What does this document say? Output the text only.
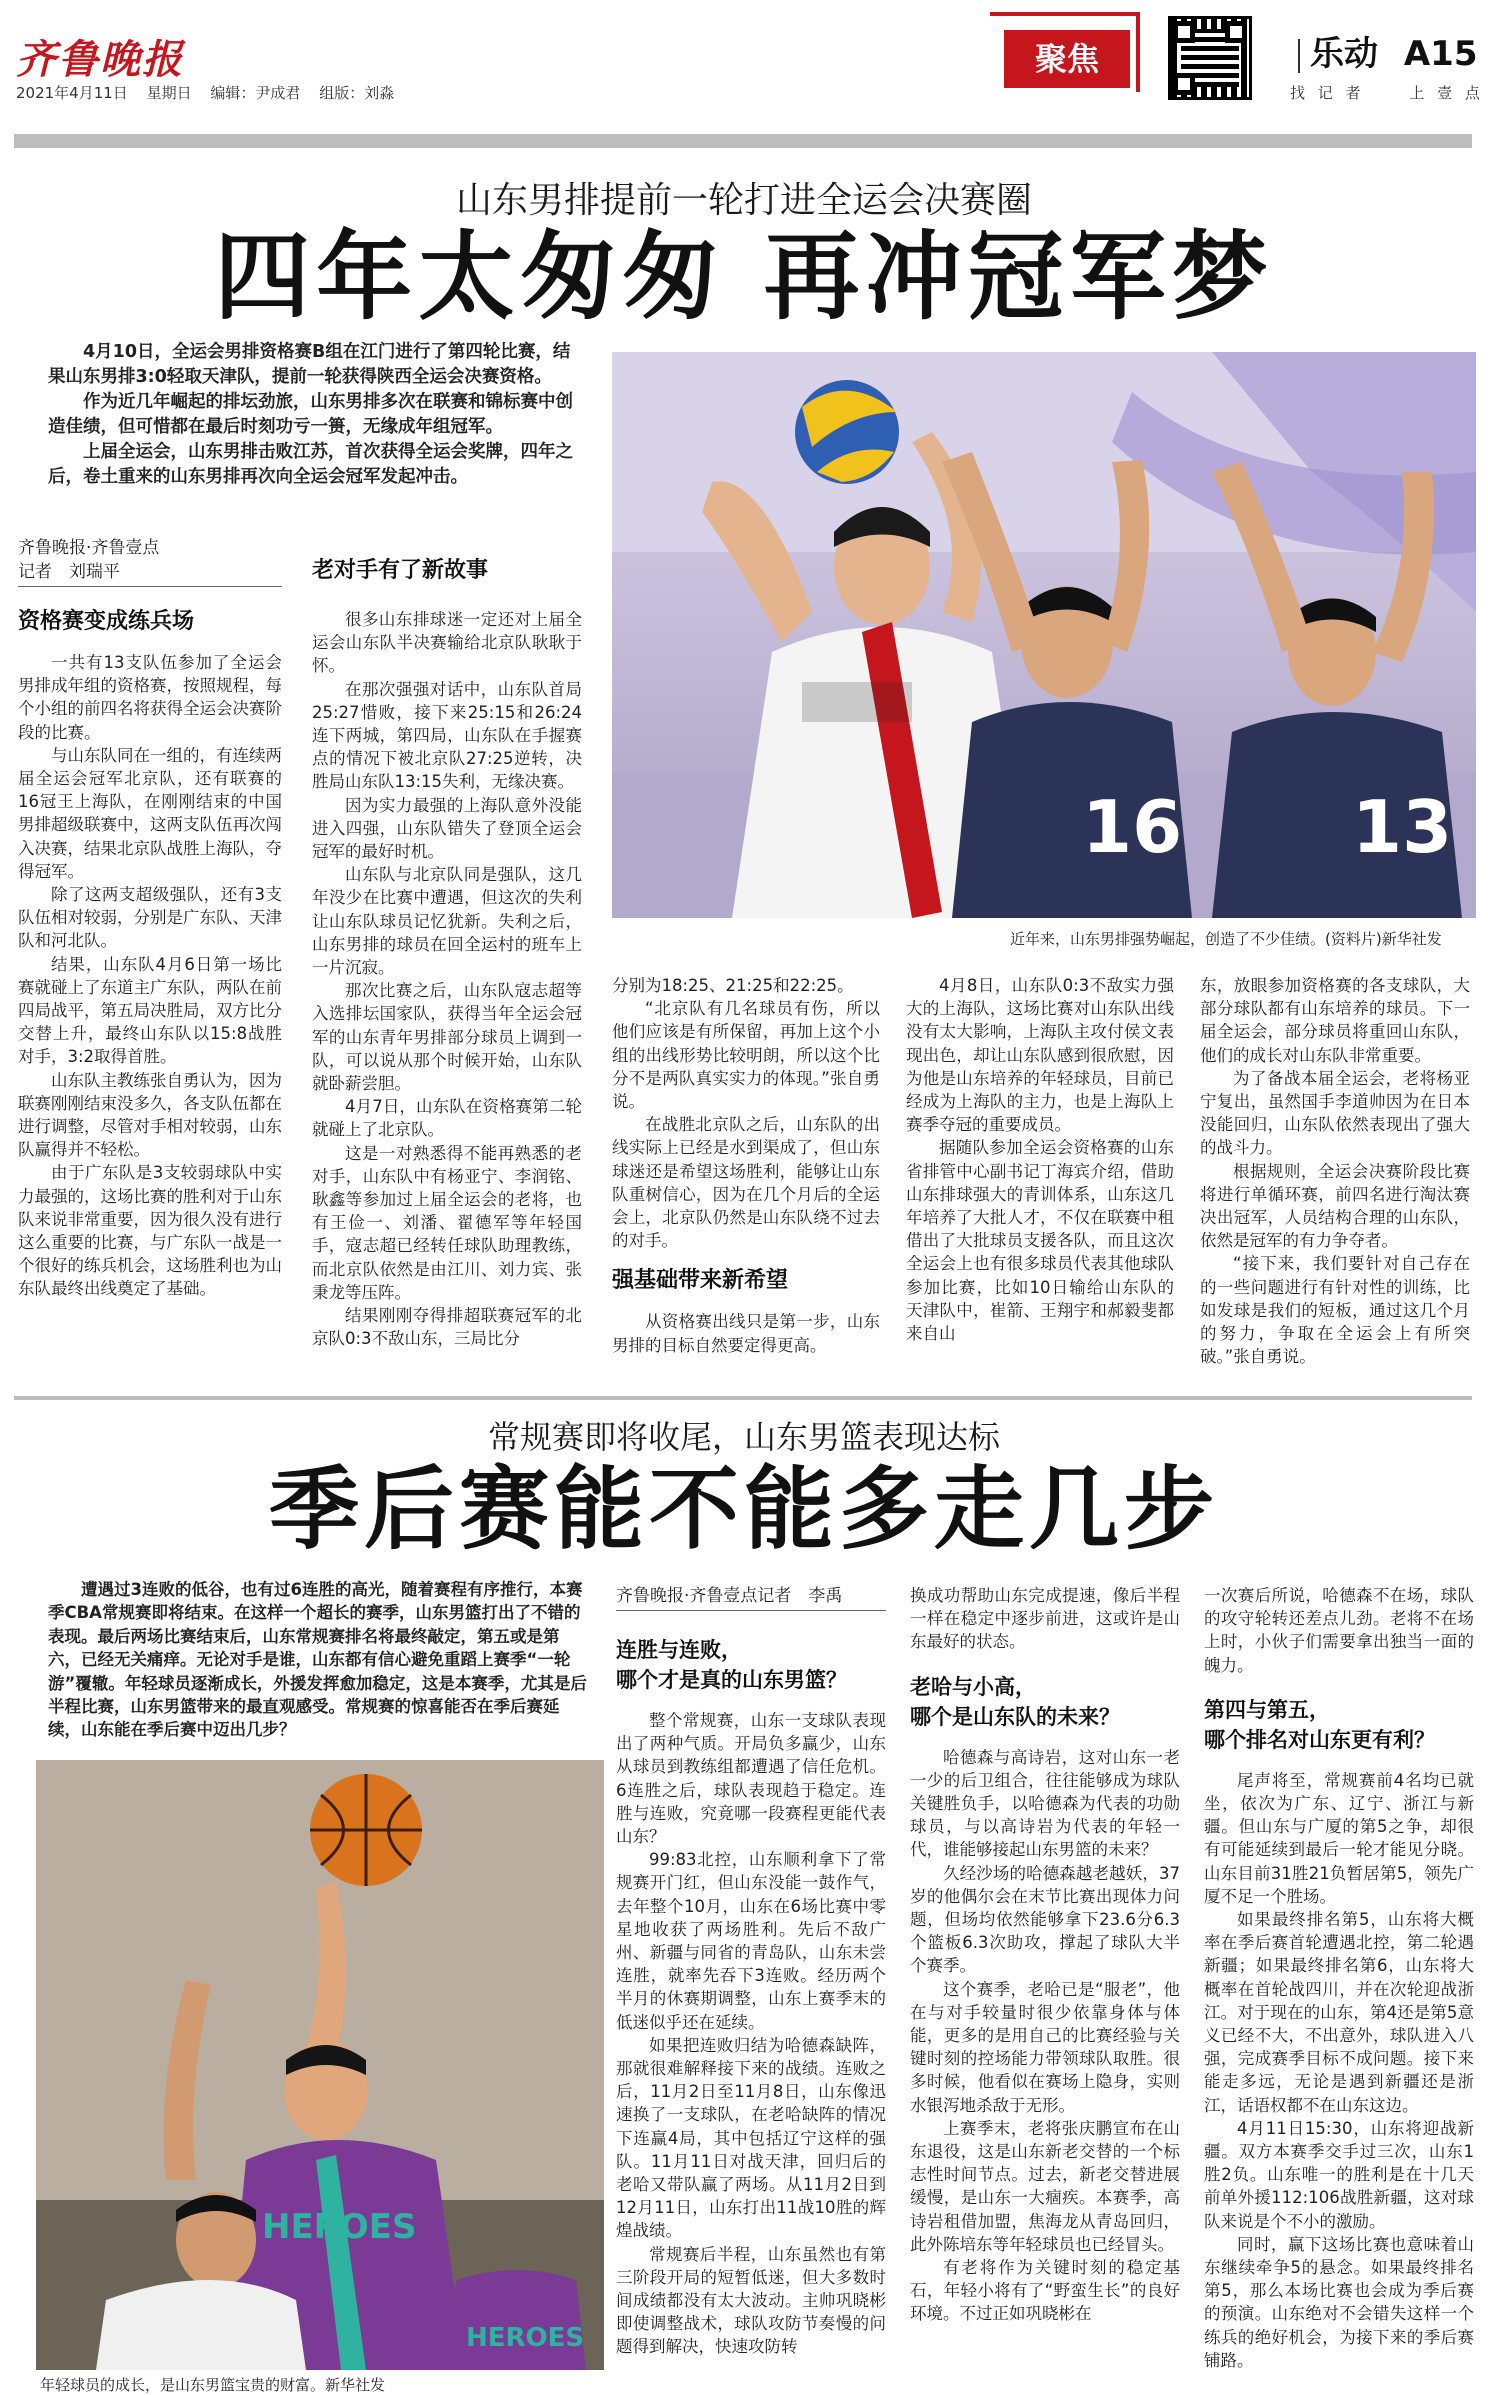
齐鲁晚报
2021年4月11日 星期日 编辑：尹成君 组版：刘淼
聚焦	乐动 A15
找 记 者	上 壹 点
山东男排提前一轮打进全运会决赛圈
四年太匆匆 再冲冠军梦

4月10日，全运会男排资格赛B组在江门进行了第四轮比赛，结果山东男排3:0轻取天津队，提前一轮获得陕西全运会决赛资格。

作为近几年崛起的排坛劲旅，山东男排多次在联赛和锦标赛中创造佳绩，但可惜都在最后时刻功亏一篑，无缘成年组冠军。

上届全运会，山东男排击败江苏，首次获得全运会奖牌，四年之后，卷土重来的山东男排再次向全运会冠军发起冲击。

16 13
近年来，山东男排强势崛起，创造了不少佳绩。(资料片)新华社发
齐鲁晚报·齐鲁壹点
记者　刘瑞平
资格赛变成练兵场

一共有13支队伍参加了全运会男排成年组的资格赛，按照规程，每个小组的前四名将获得全运会决赛阶段的比赛。

与山东队同在一组的，有连续两届全运会冠军北京队，还有联赛的16冠王上海队，在刚刚结束的中国男排超级联赛中，这两支队伍再次闯入决赛，结果北京队战胜上海队，夺得冠军。

除了这两支超级强队，还有3支队伍相对较弱，分别是广东队、天津队和河北队。

结果，山东队4月6日第一场比赛就碰上了东道主广东队，两队在前四局战平，第五局决胜局，双方比分交替上升，最终山东队以15:8战胜对手，3:2取得首胜。

山东队主教练张自勇认为，因为联赛刚刚结束没多久，各支队伍都在进行调整，尽管对手相对较弱，山东队赢得并不轻松。

由于广东队是3支较弱球队中实力最强的，这场比赛的胜利对于山东队来说非常重要，因为很久没有进行这么重要的比赛，与广东队一战是一个很好的练兵机会，这场胜利也为山东队最终出线奠定了基础。

老对手有了新故事

很多山东排球迷一定还对上届全运会山东队半决赛输给北京队耿耿于怀。

在那次强强对话中，山东队首局25:27惜败，接下来25:15和26:24连下两城，第四局，山东队在手握赛点的情况下被北京队27:25逆转，决胜局山东队13:15失利，无缘决赛。

因为实力最强的上海队意外没能进入四强，山东队错失了登顶全运会冠军的最好时机。

山东队与北京队同是强队，这几年没少在比赛中遭遇，但这次的失利让山东队球员记忆犹新。失利之后，山东男排的球员在回全运村的班车上一片沉寂。

那次比赛之后，山东队寇志超等入选排坛国家队，获得当年全运会冠军的山东青年男排部分球员上调到一队，可以说从那个时候开始，山东队就卧薪尝胆。

4月7日，山东队在资格赛第二轮就碰上了北京队。

这是一对熟悉得不能再熟悉的老对手，山东队中有杨亚宁、李润铭、耿鑫等参加过上届全运会的老将，也有王俭一、刘潘、翟德军等年轻国手，寇志超已经转任球队助理教练，而北京队依然是由江川、刘力宾、张秉龙等压阵。

结果刚刚夺得排超联赛冠军的北京队0:3不敌山东，三局比分

分别为18:25、21:25和22:25。

“北京队有几名球员有伤，所以他们应该是有所保留，再加上这个小组的出线形势比较明朗，所以这个比分不是两队真实实力的体现。”张自勇说。

在战胜北京队之后，山东队的出线实际上已经是水到渠成了，但山东球迷还是希望这场胜利，能够让山东队重树信心，因为在几个月后的全运会上，北京队仍然是山东队绕不过去的对手。

强基础带来新希望

从资格赛出线只是第一步，山东男排的目标自然要定得更高。

4月8日，山东队0:3不敌实力强大的上海队，这场比赛对山东队出线没有太大影响，上海队主攻付侯文表现出色，却让山东队感到很欣慰，因为他是山东培养的年轻球员，目前已经成为上海队的主力，也是上海队上赛季夺冠的重要成员。

据随队参加全运会资格赛的山东省排管中心副书记丁海宾介绍，借助山东排球强大的青训体系，山东这几年培养了大批人才，不仅在联赛中租借出了大批球员支援各队，而且这次全运会上也有很多球员代表其他球队参加比赛，比如10日输给山东队的天津队中，崔箭、王翔宇和郝毅斐都来自山

东，放眼参加资格赛的各支球队，大部分球队都有山东培养的球员。下一届全运会，部分球员将重回山东队，他们的成长对山东队非常重要。

为了备战本届全运会，老将杨亚宁复出，虽然国手李道帅因为在日本没能回归，山东队依然表现出了强大的战斗力。

根据规则，全运会决赛阶段比赛将进行单循环赛，前四名进行淘汰赛决出冠军，人员结构合理的山东队，依然是冠军的有力争夺者。

“接下来，我们要针对自己存在的一些问题进行有针对性的训练，比如发球是我们的短板，通过这几个月的努力，争取在全运会上有所突破。”张自勇说。

常规赛即将收尾，山东男篮表现达标
季后赛能不能多走几步
遭遇过3连败的低谷，也有过6连胜的高光，随着赛程有序推行，本赛季CBA常规赛即将结束。在这样一个超长的赛季，山东男篮打出了不错的表现。最后两场比赛结束后，山东常规赛排名将最终敲定，第五或是第六，已经无关痛痒。无论对手是谁，山东都有信心避免重蹈上赛季“一轮游”覆辙。年轻球员逐渐成长，外援发挥愈加稳定，这是本赛季，尤其是后半程比赛，山东男篮带来的最直观感受。常规赛的惊喜能否在季后赛延续，山东能在季后赛中迈出几步？
HEROES
HEROES
年轻球员的成长，是山东男篮宝贵的财富。新华社发
齐鲁晚报·齐鲁壹点记者　李禹
连胜与连败，
哪个才是真的山东男篮？

整个常规赛，山东一支球队表现出了两种气质。开局负多赢少，山东从球员到教练组都遭遇了信任危机。6连胜之后，球队表现趋于稳定。连胜与连败，究竟哪一段赛程更能代表山东？

99:83北控，山东顺利拿下了常规赛开门红，但山东没能一鼓作气，去年整个10月，山东在6场比赛中零星地收获了两场胜利。先后不敌广州、新疆与同省的青岛队，山东未尝连胜，就率先吞下3连败。经历两个半月的休赛期调整，山东上赛季末的低迷似乎还在延续。

如果把连败归结为哈德森缺阵，那就很难解释接下来的战绩。连败之后，11月2日至11月8日，山东像迅速换了一支球队，在老哈缺阵的情况下连赢4局，其中包括辽宁这样的强队。11月11日对战天津，回归后的老哈又带队赢了两场。从11月2日到12月11日，山东打出11战10胜的辉煌战绩。

常规赛后半程，山东虽然也有第三阶段开局的短暂低迷，但大多数时间成绩都没有太大波动。主帅巩晓彬即使调整战术，球队攻防节奏慢的问题得到解决，快速攻防转

换成功帮助山东完成提速，像后半程一样在稳定中逐步前进，这或许是山东最好的状态。

老哈与小高，
哪个是山东队的未来？

哈德森与高诗岩，这对山东一老一少的后卫组合，往往能够成为球队关键胜负手，以哈德森为代表的功勋球员，与以高诗岩为代表的年轻一代，谁能够接起山东男篮的未来？

久经沙场的哈德森越老越妖，37岁的他偶尔会在末节比赛出现体力问题，但场均依然能够拿下23.6分6.3个篮板6.3次助攻，撑起了球队大半个赛季。

这个赛季，老哈已是“服老”，他在与对手较量时很少依靠身体与体能，更多的是用自己的比赛经验与关键时刻的控场能力带领球队取胜。很多时候，他看似在赛场上隐身，实则水银泻地杀敌于无形。

上赛季末，老将张庆鹏宣布在山东退役，这是山东新老交替的一个标志性时间节点。过去，新老交替进展缓慢，是山东一大痼疾。本赛季，高诗岩租借加盟，焦海龙从青岛回归，此外陈培东等年轻球员也已经冒头。

有老将作为关键时刻的稳定基石，年轻小将有了“野蛮生长”的良好环境。不过正如巩晓彬在

一次赛后所说，哈德森不在场，球队的攻守轮转还差点儿劲。老将不在场上时，小伙子们需要拿出独当一面的魄力。

第四与第五，
哪个排名对山东更有利？

尾声将至，常规赛前4名均已就坐，依次为广东、辽宁、浙江与新疆。但山东与广厦的第5之争，却很有可能延续到最后一轮才能见分晓。山东目前31胜21负暂居第5，领先广厦不足一个胜场。

如果最终排名第5，山东将大概率在季后赛首轮遭遇北控，第二轮遇新疆；如果最终排名第6，山东将大概率在首轮战四川，并在次轮迎战浙江。对于现在的山东，第4还是第5意义已经不大，不出意外，球队进入八强，完成赛季目标不成问题。接下来能走多远，无论是遇到新疆还是浙江，话语权都不在山东这边。

4月11日15:30，山东将迎战新疆。双方本赛季交手过三次，山东1胜2负。山东唯一的胜利是在十几天前单外援112:106战胜新疆，这对球队来说是个不小的激励。

同时，赢下这场比赛也意味着山东继续牵争5的悬念。如果最终排名第5，那么本场比赛也会成为季后赛的预演。山东绝对不会错失这样一个练兵的绝好机会，为接下来的季后赛铺路。
